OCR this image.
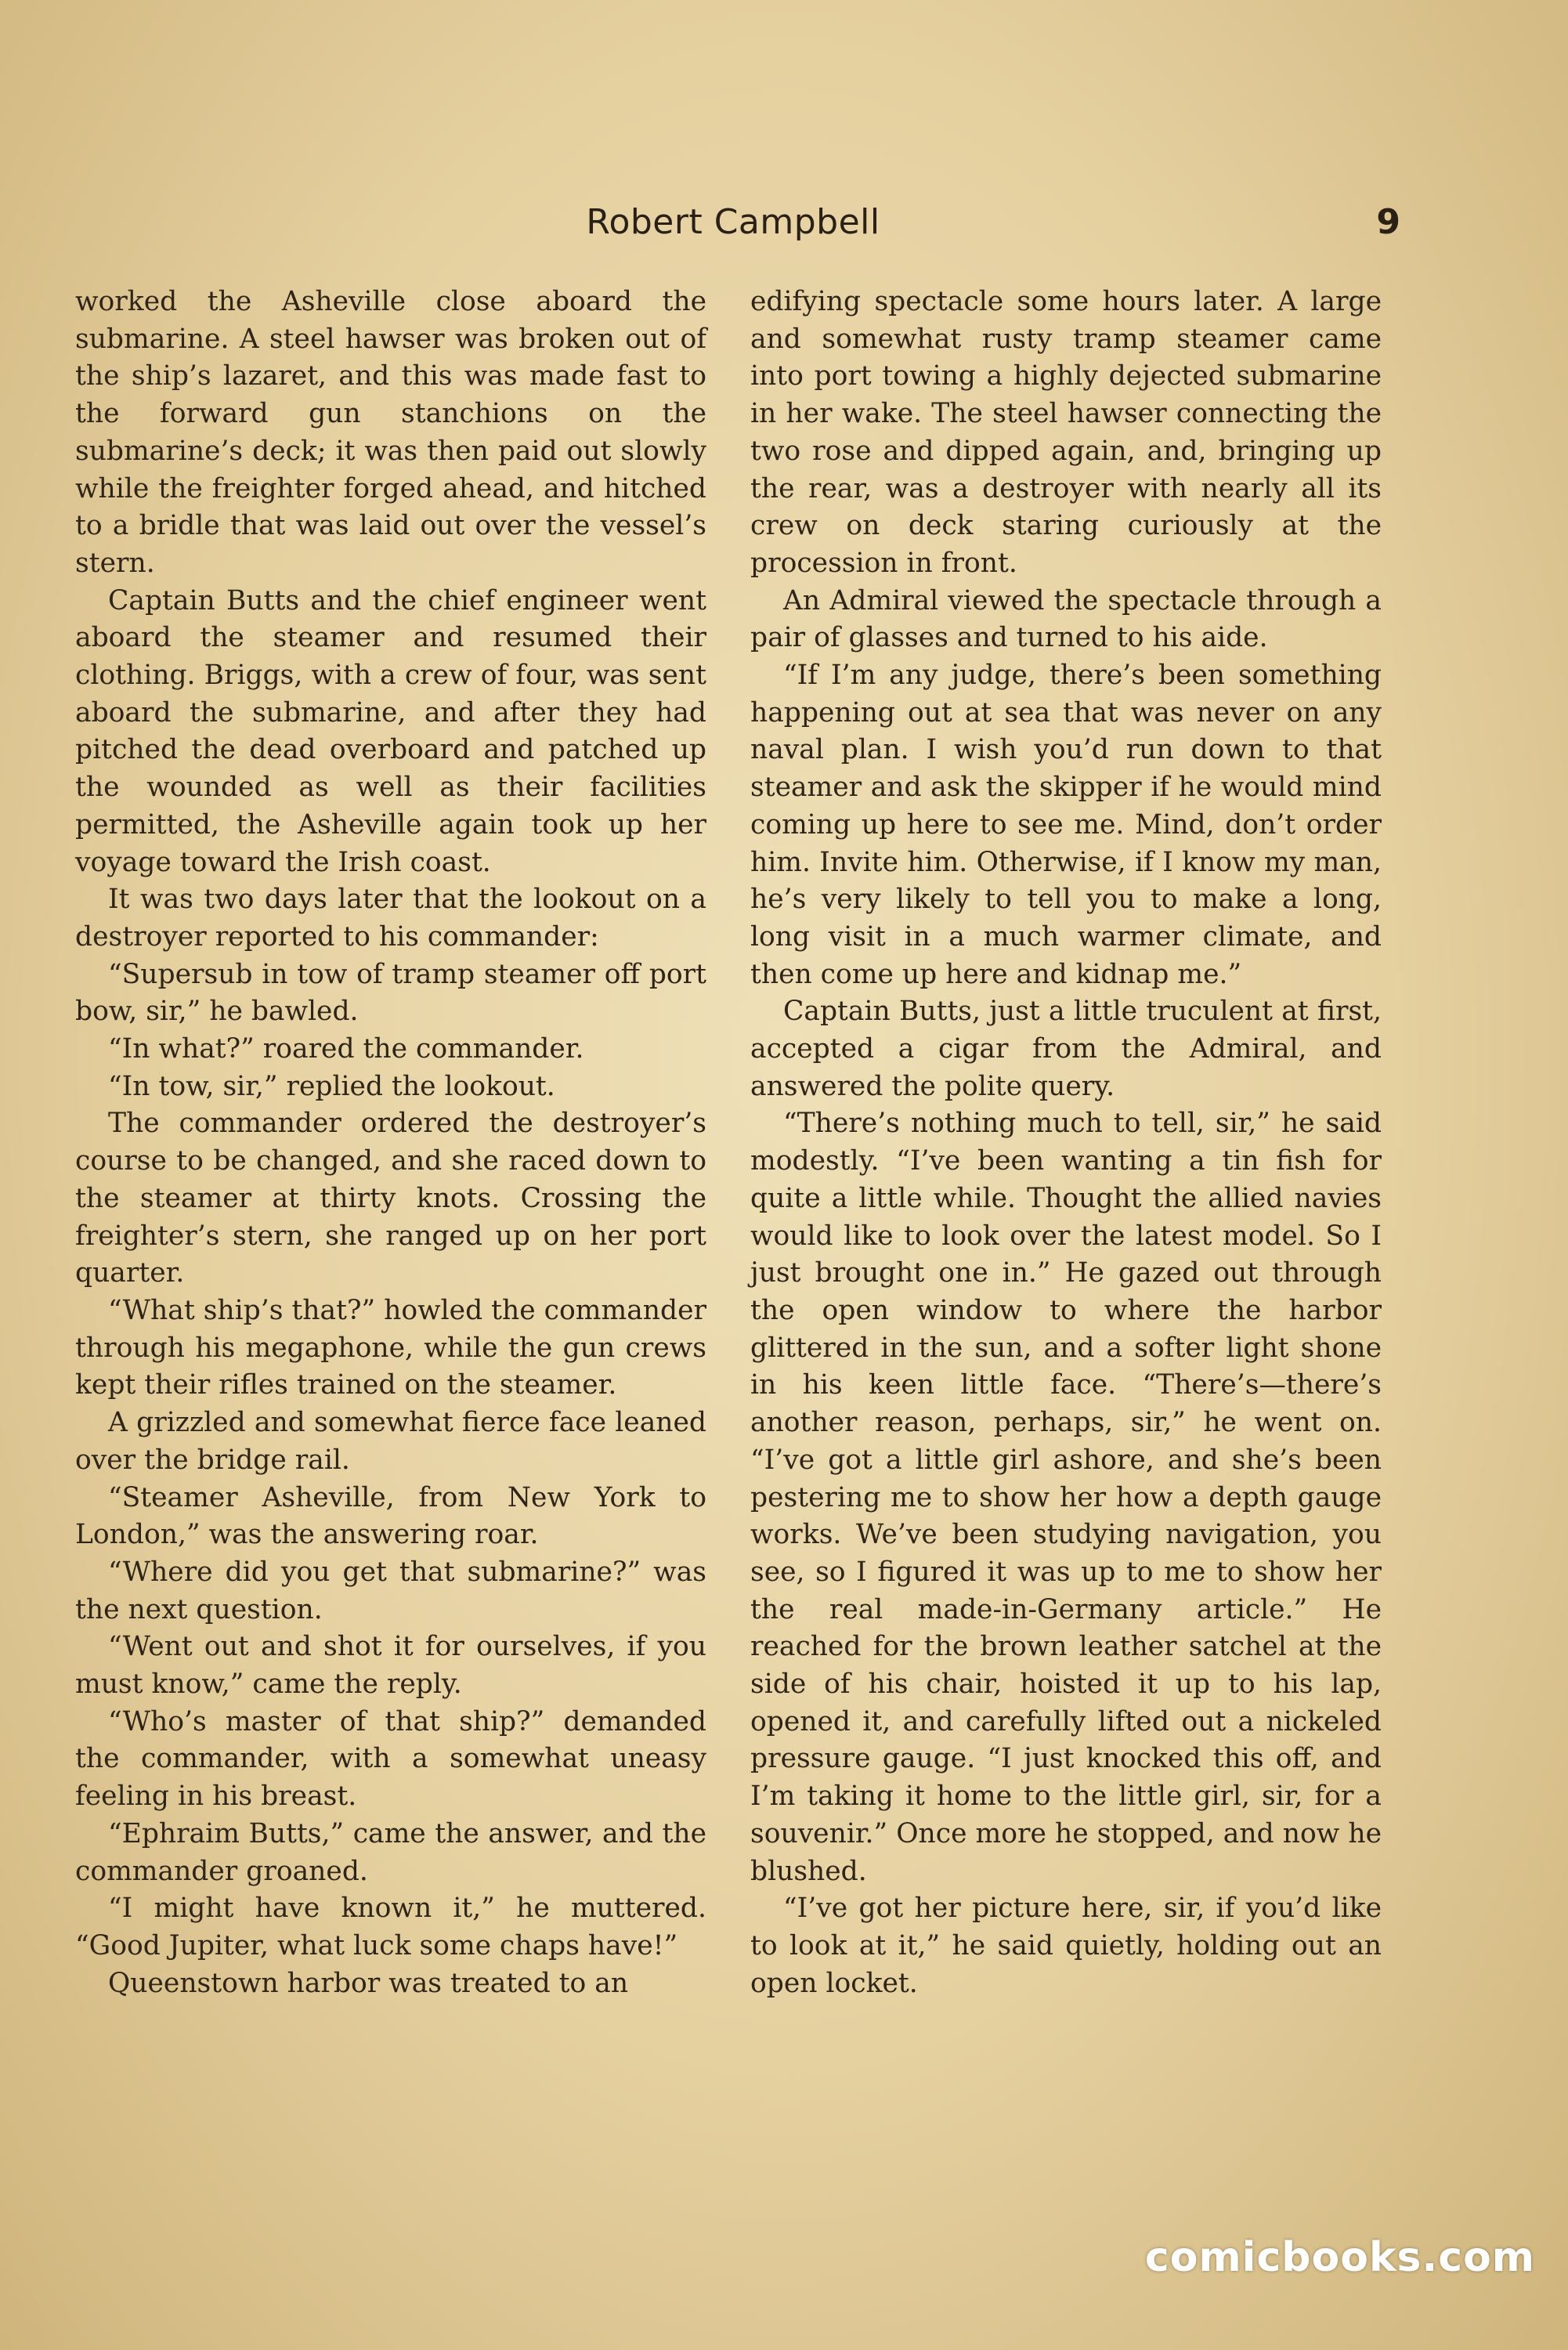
Robert Campbell	9

worked the Asheville close aboard the submarine. A steel hawser was broken out of the ship’s lazaret, and this was made fast to the forward gun stanchions on the submarine’s deck; it was then paid out slowly while the freighter forged ahead, and hitched to a bridle that was laid out over the vessel’s stern.

Captain Butts and the chief engineer went aboard the steamer and resumed their clothing. Briggs, with a crew of four, was sent aboard the submarine, and after they had pitched the dead overboard and patched up the wounded as well as their facilities permitted, the Asheville again took up her voyage toward the Irish coast.

It was two days later that the lookout on a destroyer reported to his commander:

“Supersub in tow of tramp steamer off port bow, sir,” he bawled.

“In what?” roared the commander.

“In tow, sir,” replied the lookout.

The commander ordered the destroyer’s course to be changed, and she raced down to the steamer at thirty knots. Crossing the freighter’s stern, she ranged up on her port quarter.

“What ship’s that?” howled the commander through his megaphone, while the gun crews kept their rifles trained on the steamer.

A grizzled and somewhat fierce face leaned over the bridge rail.

“Steamer Asheville, from New York to London,” was the answering roar.

“Where did you get that submarine?” was the next question.

“Went out and shot it for ourselves, if you must know,” came the reply.

“Who’s master of that ship?” demanded the commander, with a somewhat uneasy feeling in his breast.

“Ephraim Butts,” came the answer, and the commander groaned.

“I might have known it,” he muttered. “Good Jupiter, what luck some chaps have!”

Queenstown harbor was treated to an

edifying spectacle some hours later. A large and somewhat rusty tramp steamer came into port towing a highly dejected submarine in her wake. The steel hawser connecting the two rose and dipped again, and, bringing up the rear, was a destroyer with nearly all its crew on deck staring curiously at the procession in front.

An Admiral viewed the spectacle through a pair of glasses and turned to his aide.

“If I’m any judge, there’s been something happening out at sea that was never on any naval plan. I wish you’d run down to that steamer and ask the skipper if he would mind coming up here to see me. Mind, don’t order him. Invite him. Otherwise, if I know my man, he’s very likely to tell you to make a long, long visit in a much warmer climate, and then come up here and kidnap me.”

Captain Butts, just a little truculent at first, accepted a cigar from the Admiral, and answered the polite query.

“There’s nothing much to tell, sir,” he said modestly. “I’ve been wanting a tin fish for quite a little while. Thought the allied navies would like to look over the latest model. So I just brought one in.” He gazed out through the open window to where the harbor glittered in the sun, and a softer light shone in his keen little face. “There’s—there’s another reason, perhaps, sir,” he went on. “I’ve got a little girl ashore, and she’s been pestering me to show her how a depth gauge works. We’ve been studying navigation, you see, so I figured it was up to me to show her the real made-in-Germany article.” He reached for the brown leather satchel at the side of his chair, hoisted it up to his lap, opened it, and carefully lifted out a nickeled pressure gauge. “I just knocked this off, and I’m taking it home to the little girl, sir, for a souvenir.” Once more he stopped, and now he blushed.

“I’ve got her picture here, sir, if you’d like to look at it,” he said quietly, holding out an open locket.

comicbooks.com
